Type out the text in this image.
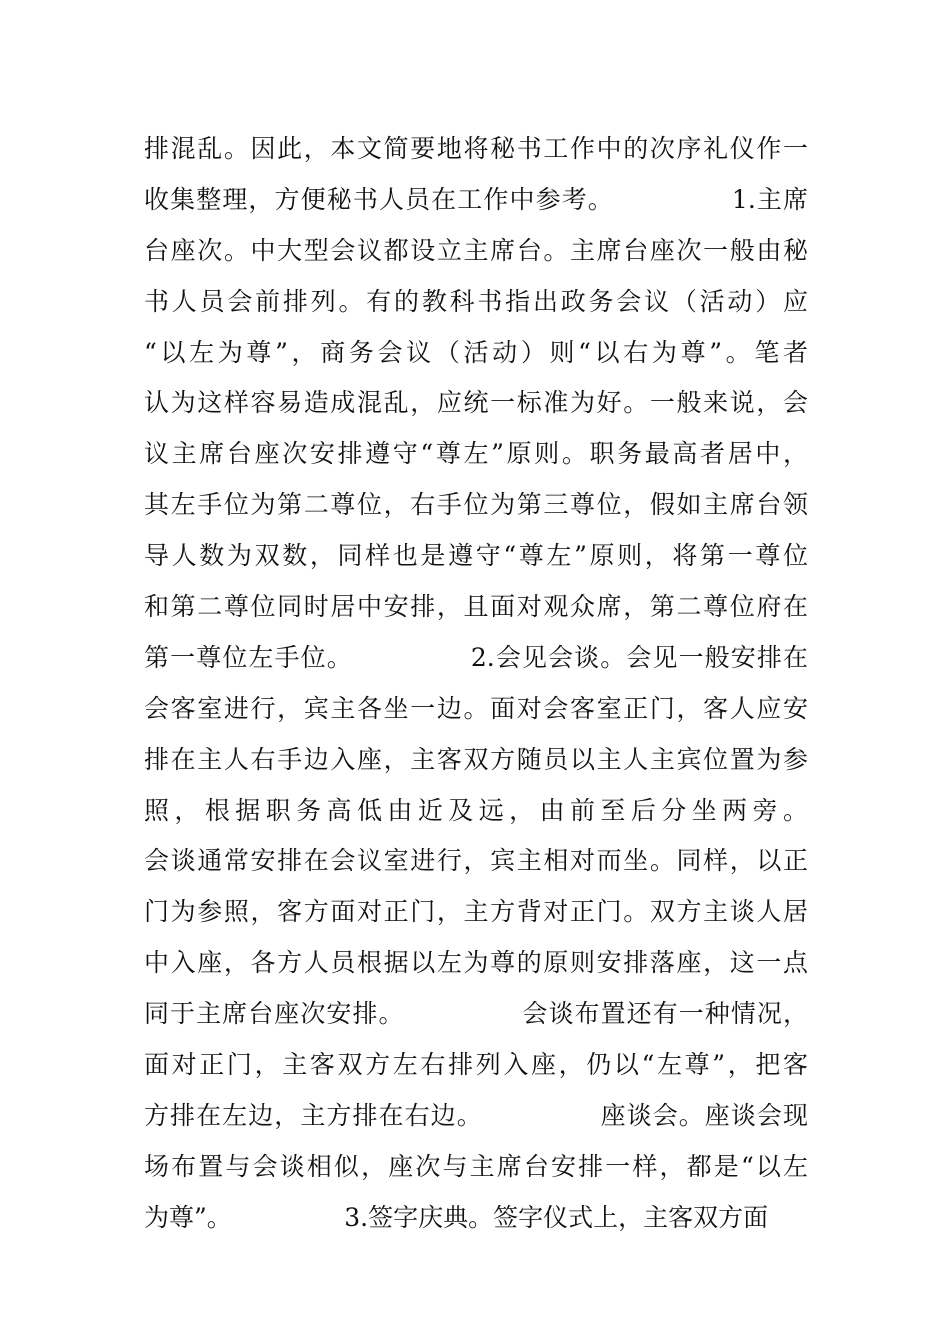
排混乱。因此，本文简要地将秘书工作中的次序礼仪作一
收集整理，方便秘书人员在工作中参考。　　　　　1.主席
台座次。中大型会议都设立主席台。主席台座次一般由秘
书人员会前排列。有的教科书指出政务会议（活动）应
“以左为尊”，商务会议（活动）则“以右为尊”。笔者
认为这样容易造成混乱，应统一标准为好。一般来说，会
议主席台座次安排遵守“尊左”原则。职务最高者居中，
其左手位为第二尊位，右手位为第三尊位，假如主席台领
导人数为双数，同样也是遵守“尊左”原则，将第一尊位
和第二尊位同时居中安排，且面对观众席，第二尊位府在
第一尊位左手位。　　　　　2.会见会谈。会见一般安排在
会客室进行，宾主各坐一边。面对会客室正门，客人应安
排在主人右手边入座，主客双方随员以主人主宾位置为参
照，根据职务高低由近及远，由前至后分坐两旁。
会谈通常安排在会议室进行，宾主相对而坐。同样，以正
门为参照，客方面对正门，主方背对正门。双方主谈人居
中入座，各方人员根据以左为尊的原则安排落座，这一点
同于主席台座次安排。　　　　　会谈布置还有一种情况，
面对正门，主客双方左右排列入座，仍以“左尊”，把客
方排在左边，主方排在右边。　　　　　座谈会。座谈会现
场布置与会谈相似，座次与主席台安排一样，都是“以左
为尊”。　　　　　3.签字庆典。签字仪式上，主客双方面
